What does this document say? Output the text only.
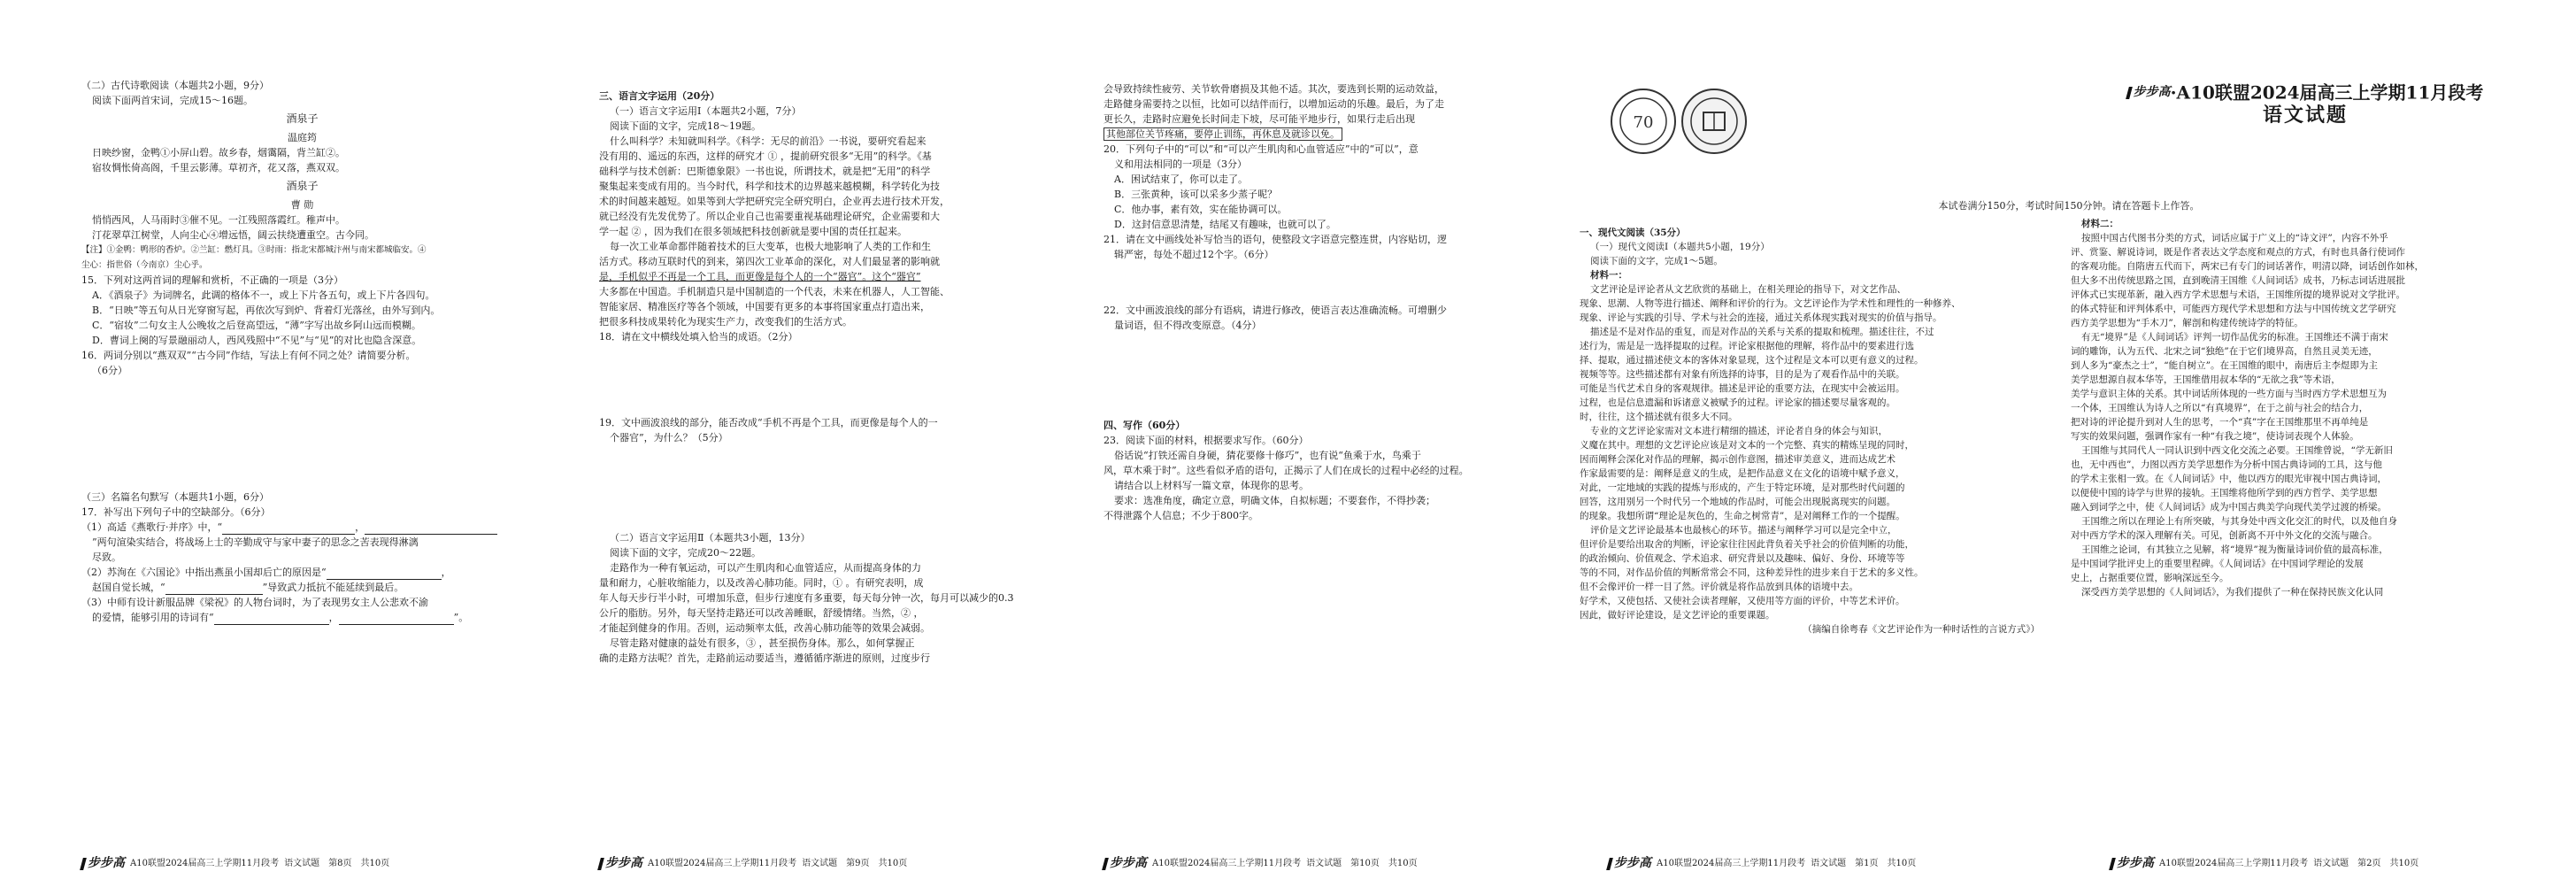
（二）古代诗歌阅读（本题共2小题，9分）

阅读下面两首宋词，完成15～16题。

酒泉子

温庭筠

日映纱窗，金鸭①小屏山碧。故乡春，烟霭隔，背兰缸②。

宿妆惆怅倚高阁，千里云影薄。草初齐，花又落，燕双双。

酒泉子

曹 勋

悄悄西风，人马雨时③催不见。一江残照落霞红。稚声中。

汀花翠草江树堂，人向尘心④增远悟，阔云扶绕遭重空。古今同。

【注】①金鸭：鸭形的香炉。②兰缸：燃灯具。③时雨：指北宋都城汴州与南宋都城临安。④

尘心：指世俗（今南京）尘心乎。

15．下列对这两首词的理解和赏析，不正确的一项是（3分）

A．《酒泉子》为词牌名，此调的格体不一，或上下片各五句，或上下片各四句。

B．“日映”等五句从日光穿窗写起，再依次写到炉、背着灯光落丝，由外写到内。

C．“宿妆”二句女主人公晚妆之后登高望远，“薄”字写出故乡阿山远而模糊。

D．曹词上阕的写景融丽动人，西风残照中“不见”与“见”的对比也隐含深意。

16．两词分别以“燕双双”“古今同”作结，写法上有何不同之处？请简要分析。

（6分）

（三）名篇名句默写（本题共1小题，6分）

17．补写出下列句子中的空缺部分。（6分）

（1）高适《燕歌行·并序》中，“	，

”两句渲染实结合，将战场上士的辛勤成守与家中妻子的思念之苦表现得淋漓

尽致。

（2）苏洵在《六国论》中指出燕虽小国却后亡的原因是“	，

赵国自觉长城，“	”导致武力抵抗不能延续到最后。

（3）中师有设计新服品牌《梁祝》的人物台词时，为了表现男女主人公悲欢不渝

的爱情，能够引用的诗词有“	，	”。

步步高 A10联盟2024届高三上学期11月段考 语文试题　第8页　共10页

三、语言文字运用（20分）

（一）语言文字运用Ⅰ（本题共2小题，7分）

阅读下面的文字，完成18～19题。

什么叫科学？未知就叫科学。《科学：无尽的前沿》一书说，要研究看起来

没有用的、遥远的东西，这样的研究才 ① ，提前研究很多“无用”的科学。《基

础科学与技术创新：巴斯德象限》一书也说，所谓技术，就是把“无用”的科学

聚集起来变成有用的。当今时代，科学和技术的边界越来越模糊，科学转化为技

术的时间越来越短。如果等到大学把研究完全研究明白，企业再去进行技术开发，

就已经没有先发优势了。所以企业自己也需要重视基础理论研究，企业需要和大

学一起 ② ，因为我们在很多领域把科技创新就是要中国的责任扛起来。

每一次工业革命都伴随着技术的巨大变革，也极大地影响了人类的工作和生

活方式。移动互联时代的到来，第四次工业革命的深化，对人们最显著的影响就

是，手机似乎不再是一个工具，而更像是每个人的一个“器官”。这个“器官”

大多都在中国造。手机制造只是中国制造的一个代表，未来在机器人，人工智能、

智能家居、精准医疗等各个领域，中国要有更多的本事将国家重点打造出来，

把很多科技成果转化为现实生产力，改变我们的生活方式。

18．请在文中横线处填入恰当的成语。（2分）

19．文中画波浪线的部分，能否改成“手机不再是个工具，而更像是每个人的一

个器官”，为什么？（5分）

（二）语言文字运用Ⅱ（本题共3小题，13分）

阅读下面的文字，完成20～22题。

走路作为一种有氧运动，可以产生肌肉和心血管适应，从而提高身体的力

量和耐力，心脏收缩能力，以及改善心肺功能。同时，① 。有研究表明，成

年人每天步行半小时，可增加乐意，但步行速度有多重要，每天每分钟一次，每月可以减少的0.3

公斤的脂肪。另外，每天坚持走路还可以改善睡眠，舒缓情绪。当然，② ，

才能起到健身的作用。否则，运动频率太低，改善心肺功能等的效果会减弱。

尽管走路对健康的益处有很多，③ ，甚至损伤身体。那么，如何掌握正

确的走路方法呢？首先，走路前运动要适当，遵循循序渐进的原则，过度步行

步步高 A10联盟2024届高三上学期11月段考 语文试题　第9页　共10页

会导致持续性疲劳、关节软骨磨损及其他不适。其次，要选到长期的运动效益，

走路健身需要持之以恒，比如可以结伴而行，以增加运动的乐趣。最后，为了走

更长久，走路时应避免长时间走下坡，尽可能平地步行，如果行走后出现

其他部位关节疼痛，要停止训练，再休息及就诊以免。

20．下列句子中的“可以”和“可以产生肌肉和心血管适应”中的“可以”，意

义和用法相同的一项是（3分）

A．困试结束了，你可以走了。

B．三张黄种，该可以采多少蒸子呢？

C．他办事，素有效，实在能协调可以。

D．这封信意思清楚，结尾又有趣味，也就可以了。

21．请在文中画线处补写恰当的语句，使整段文字语意完整连贯，内容贴切，逻

辑严密，每处不超过12个字。（6分）

22．文中画波浪线的部分有语病，请进行修改，使语言表达准确流畅。可增删少

量词语，但不得改变原意。（4分）

四、写作（60分）

23．阅读下面的材料，根据要求写作。（60分）

俗话说“打铁还需自身硬，猜花要修十修巧”，也有说“鱼乘于水，鸟乘于

风，草木乘于时”。这些看似矛盾的语句，正揭示了人们在成长的过程中必经的过程。

请结合以上材料写一篇文章，体现你的思考。

要求：选准角度，确定立意，明确文体，自拟标题；不要套作，不得抄袭；

不得泄露个人信息；不少于800字。

步步高 A10联盟2024届高三上学期11月段考 语文试题　第10页　共10页
70
步步高 ·A10联盟2024届高三上学期11月段考
语文试题
本试卷满分150分，考试时间150分钟。请在答题卡上作答。

一、现代文阅读（35分）

（一）现代文阅读Ⅰ（本题共5小题，19分）

阅读下面的文字，完成1～5题。

材料一：

文艺评论是评论者从文艺欣赏的基础上，在相关理论的指导下，对文艺作品、

现象、思潮、人物等进行描述、阐释和评价的行为。文艺评论作为学术性和理性的一种修养、

现象、评论与实践的引导、学术与社会的连接，通过关系体现实践对现实的价值与指导。

描述是不是对作品的重复，而是对作品的关系与关系的提取和梳理。描述往往，不过

述行为，需是是一选择提取的过程。评论家根据他的理解，将作品中的要素进行选

择、提取，通过描述使文本的客体对象显现，这个过程是文本可以更有意义的过程。

视频等等。这些描述都有对象有所选择的诗事，目的是为了观看作品中的关联。

可能是当代艺术自身的客观规律。描述是评论的重要方法，在现实中会被运用。

过程，也是信息遗漏和诉诸意义被赋予的过程。评论家的描述要尽量客观的。

时，往往，这个描述就有很多大不同。

专业的文艺评论家需对文本进行精细的描述，评论者自身的体会与知识，

义魔在其中。理想的文艺评论应该是对文本的一个完整、真实的精炼呈现的同时，

因而阐释会深化对作品的理解，揭示创作意图，描述审美意义，进而达成艺术

作家最需要的是：阐释是意义的生成，是把作品意义在文化的语境中赋予意义，

对此，一定地域的实践的提炼与形成的，产生于特定环境，是对那些时代问题的

回答，这用别另一个时代另一个地域的作品时，可能会出现脱离现实的问题。

的现象。我想所谓“理论是灰色的，生命之树常青”，是对阐释工作的一个提醒。

评价是文艺评论最基本也最核心的环节。描述与阐释学习可以是完全中立，

但评价是要给出取舍的判断，评论家往往因此背负着关乎社会的价值判断的功能，

的政治倾向、价值观念、学术追求、研究背景以及趣味、偏好、身份、环境等等

等的不同，对作品价值的判断常常会不同，这种差异性的进步来自于艺术的多义性。

但不会像评价一样一目了然。评价就是将作品放到具体的语境中去。

好学术，又使包括、又使社会读者理解，又使用等方面的评价，中等艺术评价。

因此，做好评论建设，是文艺评论的重要课题。

（摘编自徐粤春《文艺评论作为一种时话性的言说方式》）

材料二：

按照中国古代图书分类的方式，词话应属于广义上的“诗文评”，内容不外乎

评、赏鉴、解说诗词，既是作者表达文学态度和观点的方式，有时也具备行使词作

的客观功能。自隋唐五代而下，两宋已有专门的词话著作，明清以降，词话创作如林，

但大多不出传统思路之国，直到晚清王国维《人间词话》成书，乃标志词话进展批

评体式已实现革新，融入西方学术思想与术语，王国维所提的境界说对文学批评。

的体式特征和评判体系中，可能西方现代学术思想和方法与中国传统文艺学研究

西方美学思想为“手木刀”，解剖和构建传统诗学的特征。

有无“境界”是《人间词话》评判一切作品优劣的标准。王国维还不满于南宋

词的雕饰，认为五代、北宋之词“独绝”在于它们境界高，自然且灵美无迹，

到人多为“豪杰之士”，“能自树立”。在王国维的眼中，南唐后主李煜即为主

美学思想源自叔本华等，王国维借用叔本华的“无欲之我”等术语，

美学与意识主体的关系。其中词话所体现的一些方面与当时西方学术思想互为

一个体，王国维认为诗人之所以“有真境界”，在于之前与社会的结合力，

把对诗的评论提升到对人生的思考，一个“真”字在王国维那里不再单纯是

写实的效果问题，强调作家有一种“有我之境”，使诗词表现个人体验。

王国维与其同代人一同认识到中西文化交流之必要。王国维曾说，“学无新旧

也，无中西也”，力图以西方美学思想作为分析中国古典诗词的工具，这与他

的学术主张相一致。在《人间词话》中，他以西方的眼光审视中国古典诗词，

以便使中国的诗学与世界的接轨。王国维将他所学到的西方哲学、美学思想

融入到词学之中，使《人间词话》成为中国古典美学向现代美学过渡的桥梁。

王国维之所以在理论上有所突破，与其身处中西文化交汇的时代，以及他自身

对中西方学术的深入理解有关。可见，创新离不开中外文化的交流与融合。

王国维之论词，有其独立之见解，将“境界”视为衡量诗词价值的最高标准，

是中国词学批评史上的重要里程碑。《人间词话》在中国词学理论的发展

史上，占据重要位置，影响深远至今。

深受西方美学思想的《人间词话》，为我们提供了一种在保持民族文化认同

步步高 A10联盟2024届高三上学期11月段考 语文试题　第1页　共10页	步步高 A10联盟2024届高三上学期11月段考 语文试题　第2页　共10页
